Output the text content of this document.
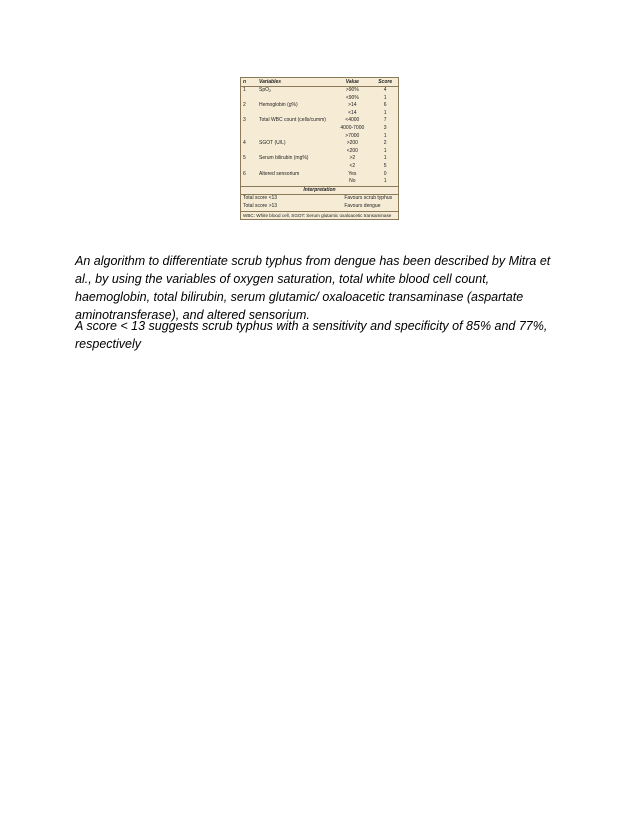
n	Variables	Value	Score
1	SpO$_2$	>90%	4
		<90%	1
2	Hemoglobin (g%)	>14	6
		<14	1
3	Total WBC count (cells/cumm)	<4000	7
		4000-7000	3
		>7000	1
4	SGOT (U/L)	>200	2
		<200	1
5	Serum bilirubin (mg%)	>2	1
		<2	5
6	Altered sensorium	Yes	0
		No	1
Interpretation			
Total score <13		Favours scrub typhus	
Total score >13		Favours dengue	
WBC: White blood cell, SGOT: Serum glutamic oxaloacetic transaminase			

An algorithm to differentiate scrub typhus from dengue has been described by Mitra et al., by using the variables of oxygen saturation, total white blood cell count, haemoglobin, total bilirubin, serum glutamic/ oxaloacetic transaminase (aspartate aminotransferase), and altered sensorium.

A score < 13 suggests scrub typhus with a sensitivity and specificity of 85% and 77%, respectively
